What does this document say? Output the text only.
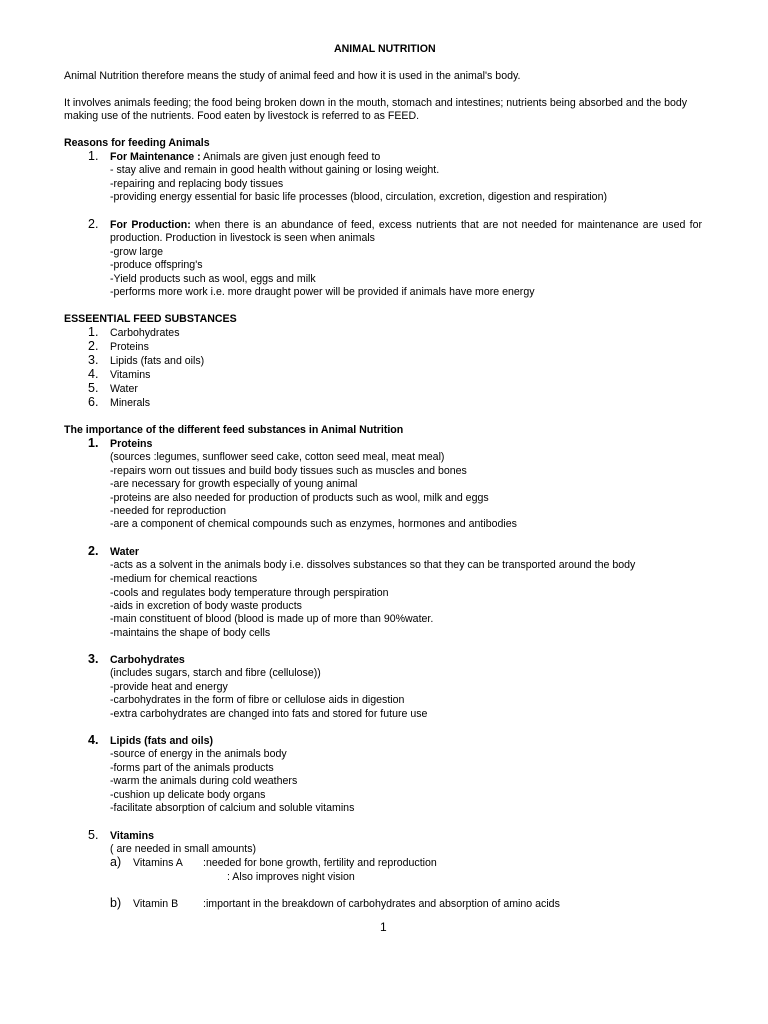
ANIMAL NUTRITION
Animal Nutrition therefore means the study of animal feed and how it is used in the animal's body.
It involves animals feeding; the food being broken down in the mouth, stomach and intestines; nutrients being absorbed and the body
making use of the nutrients. Food eaten by livestock is referred to as FEED.
Reasons for feeding Animals
1. For Maintenance : Animals are given just enough feed to
- stay alive and remain in good health without gaining or losing weight.
-repairing and replacing body tissues
-providing energy essential for basic life processes (blood, circulation, excretion, digestion and respiration)
2. For Production: when there is an abundance of feed, excess nutrients that are not needed for maintenance are used for
production. Production in livestock is seen when animals
-grow large
-produce offspring's
-Yield products such as wool, eggs and milk
-performs more work i.e. more draught power will be provided if animals have more energy
ESSEENTIAL FEED SUBSTANCES
1. Carbohydrates
2. Proteins
3. Lipids (fats and oils)
4. Vitamins
5. Water
6. Minerals
The importance of the different feed substances in Animal Nutrition
1. Proteins
(sources :legumes, sunflower seed cake, cotton seed meal, meat meal)
-repairs worn out tissues and build body tissues such as muscles and bones
-are necessary for growth especially of young animal
-proteins are also needed for production of products such as wool, milk and eggs
-needed for reproduction
-are a component of chemical compounds such as enzymes, hormones and antibodies
2. Water
-acts as a solvent in the animals body i.e. dissolves substances so that they can be transported around the body
-medium for chemical reactions
-cools and regulates body temperature through perspiration
-aids in excretion of body waste products
-main constituent of blood (blood is made up of more than 90%water.
-maintains the shape of body cells
3. Carbohydrates
(includes sugars, starch and fibre (cellulose))
-provide heat and energy
-carbohydrates in the form of fibre or cellulose aids in digestion
-extra carbohydrates are changed into fats and stored for future use
4. Lipids (fats and oils)
-source of energy in the animals body
-forms part of the animals products
-warm the animals during cold weathers
-cushion up delicate body organs
-facilitate absorption of calcium and soluble vitamins
5. Vitamins
( are needed in small amounts)
a) Vitamins A :needed for bone growth, fertility and reproduction
: Also improves night vision
b) Vitamin B :important in the breakdown of carbohydrates and absorption of amino acids
1
